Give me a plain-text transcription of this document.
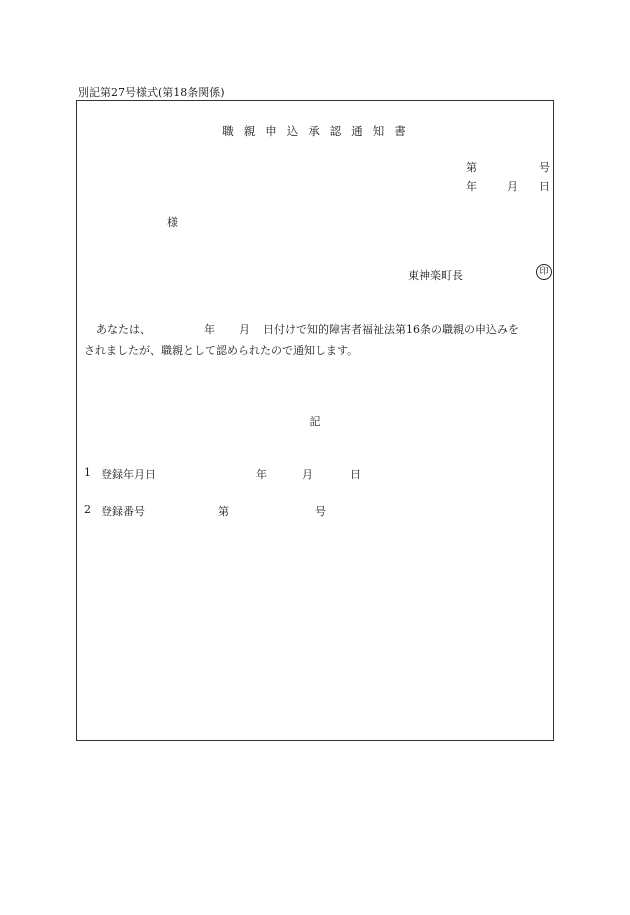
別記第27号様式(第18条関係)
職親申込承認通知書
第	号
年	月 日
様
東神楽町長	印
あなたは、	年 月 日付けで知的障害者福祉法第16条の職親の申込みを
されましたが、職親として認められたので通知します。
記
1 登録年月日	年	月	日
2 登録番号	第	号
